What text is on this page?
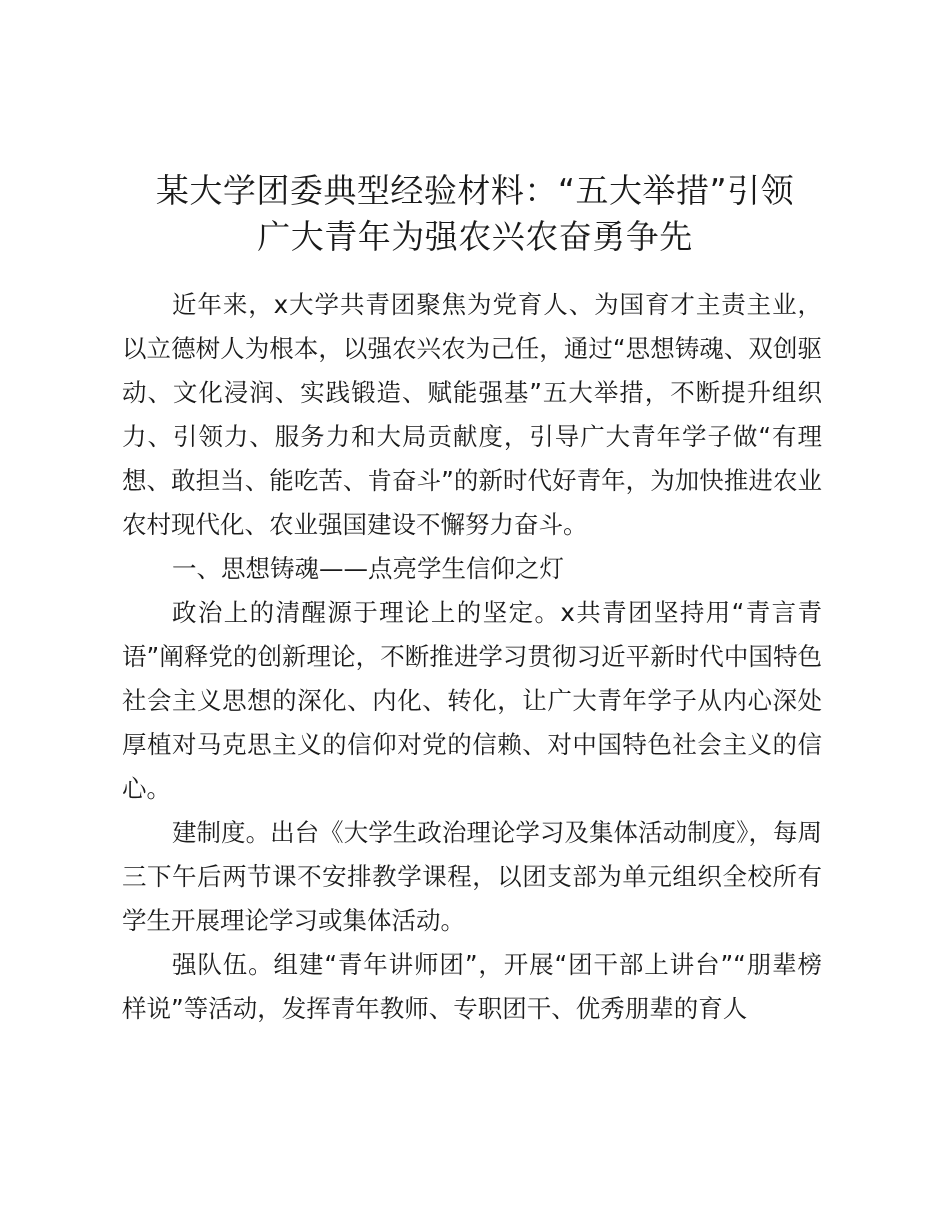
某大学团委典型经验材料：“五大举措”引领
广大青年为强农兴农奋勇争先

近年来，x大学共青团聚焦为党育人、为国育才主责主业，以立德树人为根本，以强农兴农为己任，通过“思想铸魂、双创驱动、文化浸润、实践锻造、赋能强基”五大举措，不断提升组织力、引领力、服务力和大局贡献度，引导广大青年学子做“有理想、敢担当、能吃苦、肯奋斗”的新时代好青年，为加快推进农业农村现代化、农业强国建设不懈努力奋斗。

一、思想铸魂——点亮学生信仰之灯

政治上的清醒源于理论上的坚定。x共青团坚持用“青言青语”阐释党的创新理论，不断推进学习贯彻习近平新时代中国特色社会主义思想的深化、内化、转化，让广大青年学子从内心深处厚植对马克思主义的信仰对党的信赖、对中国特色社会主义的信心。

建制度。出台《大学生政治理论学习及集体活动制度》，每周三下午后两节课不安排教学课程，以团支部为单元组织全校所有学生开展理论学习或集体活动。

强队伍。组建“青年讲师团”，开展“团干部上讲台”“朋辈榜样说”等活动，发挥青年教师、专职团干、优秀朋辈的育人
